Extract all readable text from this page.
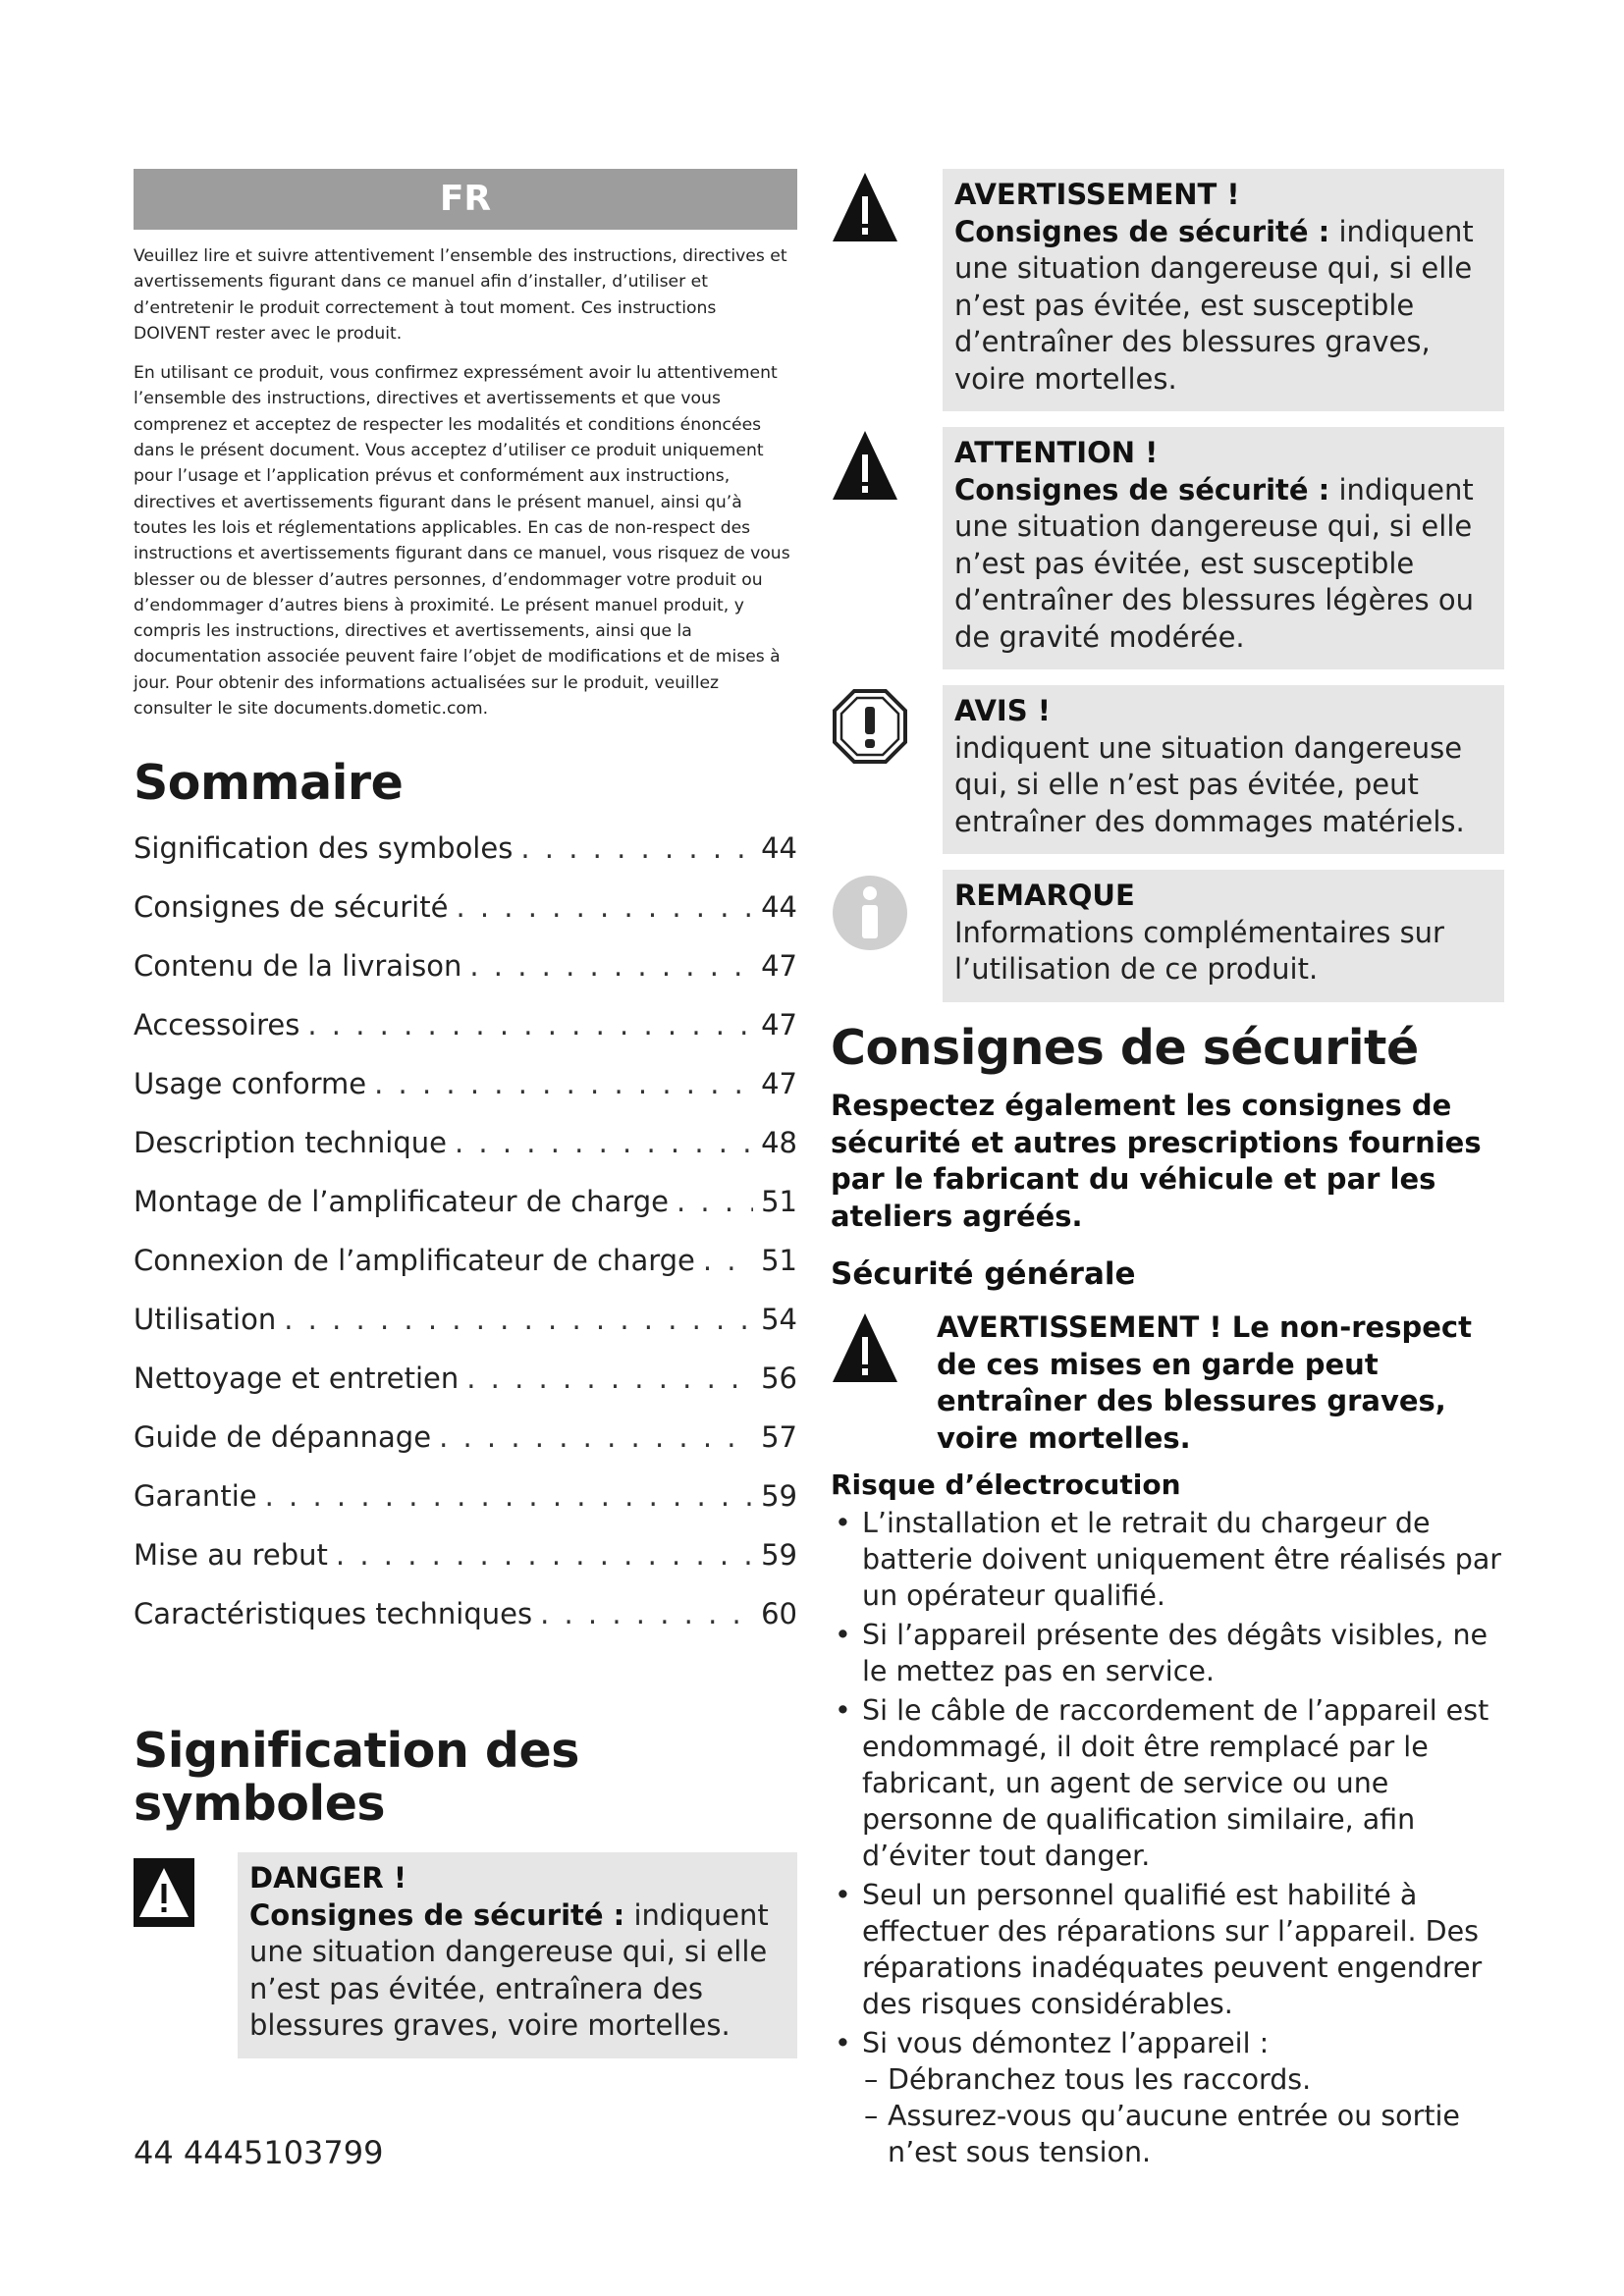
FR

Veuillez lire et suivre attentivement l’ensemble des instructions, directives et avertissements figurant dans ce manuel afin d’installer, d’utiliser et d’entretenir le produit correctement à tout moment. Ces instructions DOIVENT rester avec le produit.

En utilisant ce produit, vous confirmez expressément avoir lu attentivement l’ensemble des instructions, directives et avertissements et que vous comprenez et acceptez de respecter les modalités et conditions énoncées dans le présent document. Vous acceptez d’utiliser ce produit uniquement pour l’usage et l’application prévus et conformément aux instructions, directives et avertissements figurant dans le présent manuel, ainsi qu’à toutes les lois et réglementations applicables. En cas de non-respect des instructions et avertissements figurant dans ce manuel, vous risquez de vous blesser ou de blesser d’autres personnes, d’endommager votre produit ou d’endommager d’autres biens à proximité. Le présent manuel produit, y compris les instructions, directives et avertissements, ainsi que la documentation associée peuvent faire l’objet de modifications et de mises à jour. Pour obtenir des informations actualisées sur le produit, veuillez consulter le site documents.dometic.com.

Sommaire
Signification des symboles . . .	44
Consignes de sécurité . . .	44
Contenu de la livraison . . .	47
Accessoires . . .	47
Usage conforme . . .	47
Description technique . . .	48
Montage de l’amplificateur de charge . . .	51
Connexion de l’amplificateur de charge . . . 51
Utilisation . . .	54
Nettoyage et entretien . . .	56
Guide de dépannage . . .	57
Garantie . . .	59
Mise au rebut . . .	59
Caractéristiques techniques . . .	60
Signification des symboles
DANGER !
Consignes de sécurité : indiquent une situation dangereuse qui, si elle n’est pas évitée, entraînera des blessures graves, voire mortelles.
AVERTISSEMENT !
Consignes de sécurité : indiquent une situation dangereuse qui, si elle n’est pas évitée, est susceptible d’entraîner des blessures graves, voire mortelles.
ATTENTION !
Consignes de sécurité : indiquent une situation dangereuse qui, si elle n’est pas évitée, est susceptible d’entraîner des blessures légères ou de gravité modérée.
AVIS !
indiquent une situation dangereuse qui, si elle n’est pas évitée, peut entraîner des dommages matériels.
REMARQUE
Informations complémentaires sur l’utilisation de ce produit.
Consignes de sécurité

Respectez également les consignes de sécurité et autres prescriptions fournies par le fabricant du véhicule et par les ateliers agréés.

Sécurité générale
AVERTISSEMENT ! Le non-respect de ces mises en garde peut entraîner des blessures graves, voire mortelles.
Risque d’électrocution
• L’installation et le retrait du chargeur de batterie doivent uniquement être réalisés par un opérateur qualifié.
• Si l’appareil présente des dégâts visibles, ne le mettez pas en service.
• Si le câble de raccordement de l’appareil est endommagé, il doit être remplacé par le fabricant, un agent de service ou une personne de qualification similaire, afin d’éviter tout danger.
• Seul un personnel qualifié est habilité à effectuer des réparations sur l’appareil. Des réparations inadéquates peuvent engendrer des risques considérables.
• Si vous démontez l’appareil :
– Débranchez tous les raccords.
– Assurez-vous qu’aucune entrée ou sortie n’est sous tension.
44 4445103799
